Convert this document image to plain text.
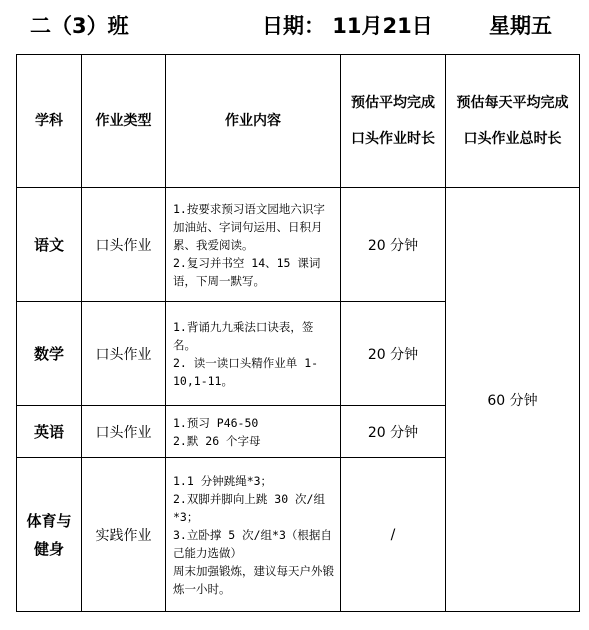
二（3）班	日期： 11月21日	星期五
学科	作业类型	作业内容	预估平均完成口头作业时长	预估每天平均完成口头作业总时长
语文	口头作业	1.按要求预习语文园地六识字加油站、字词句运用、日积月累、我爱阅读。
2.复习并书空 14、15 课词语，下周一默写。	20 分钟	60 分钟
数学	口头作业	1.背诵九九乘法口诀表，签名。
2. 读一读口头精作业单 1-10,1-11。	20 分钟	
英语	口头作业	1.预习 P46-50
2.默 26 个字母	20 分钟	
体育与健身	实践作业	1.1 分钟跳绳*3；
2.双脚并脚向上跳 30 次/组*3；
3.立卧撑 5 次/组*3（根据自己能力选做）
周末加强锻炼，建议每天户外锻炼一小时。	/	
